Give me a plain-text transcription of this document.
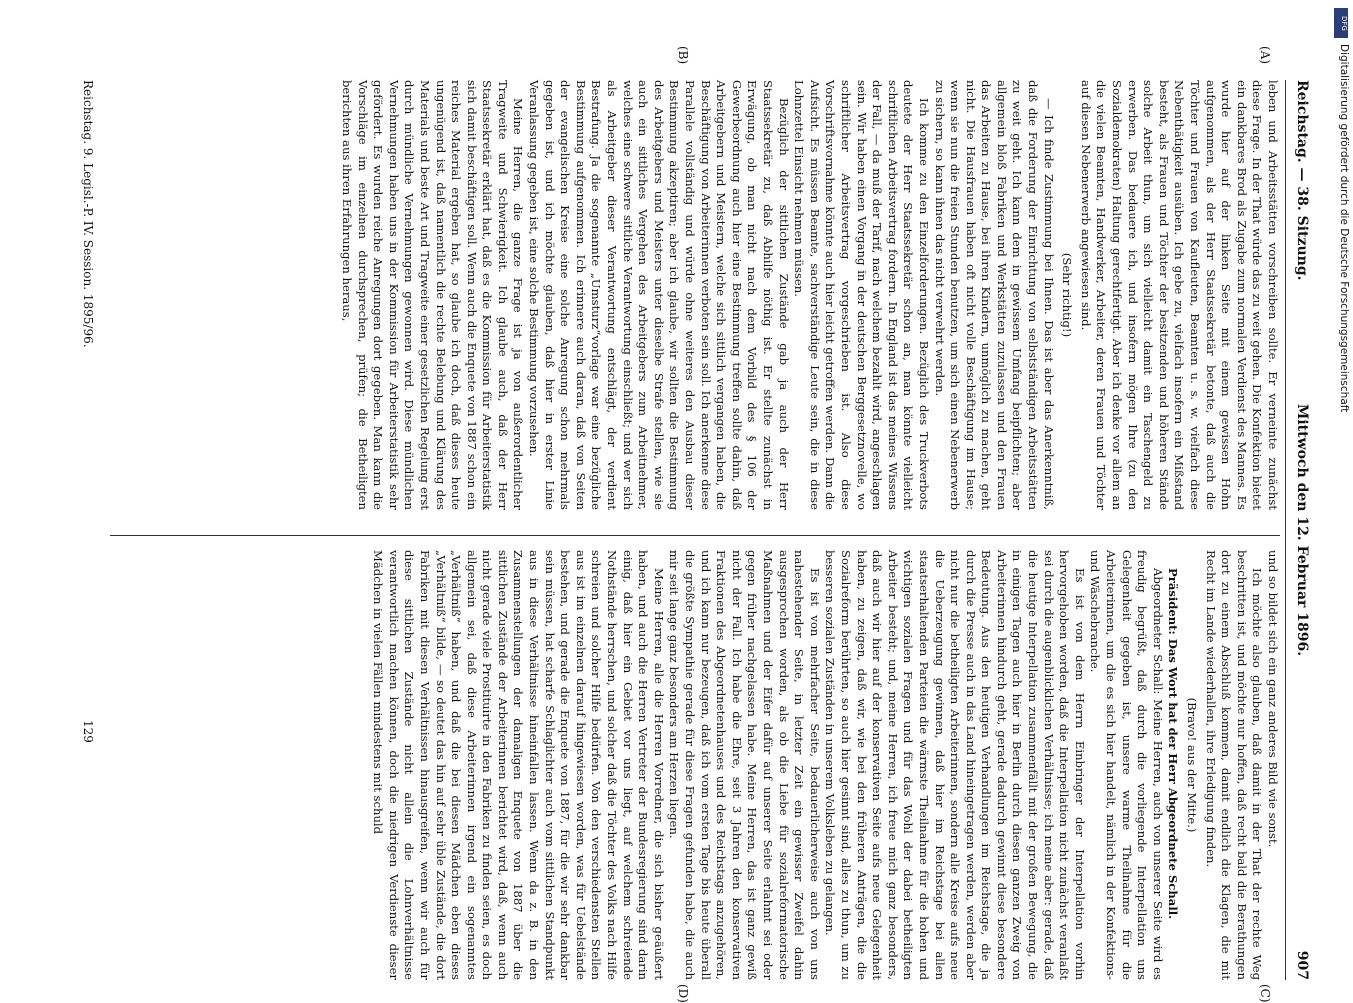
Reichstag. — 38. Sitzung.
Mittwoch den 12. Februar 1896.
907
(A)
(B)
(C)
(D)

leben und Arbeitsstätten vorschreiben sollte. Er verneinte zunächst diese Frage. In der That würde das zu weit gehen. Die Konfektion bietet ein dankbares Brod als Zugabe zum normalen Verdienst des Mannes. Es wurde hier auf der linken Seite mit einem gewissen Hohn aufgenommen, als der Herr Staatssekretär betonte, daß auch die Töchter und Frauen von Kaufleuten, Beamten u. s. w. vielfach diese Nebenthätigkeit ausüben. Ich gebe zu, vielfach insofern ein Mißstand besteht, als Frauen und Töchter der besitzenden und höheren Stände solche Arbeit thun, um sich vielleicht damit ein Taschengeld zu erwerben. Das bedauere ich, und insofern mögen Ihre (zu den Sozialdemokraten) Haltung gerechtfertigt. Aber ich denke vor allem an die vielen Beamten, Handwerker, Arbeiter, deren Frauen und Töchter auf diesen Nebenerwerb angewiesen sind.

(Sehr richtig!)

— Ich finde Zustimmung bei Ihnen. Das ist aber das Anerkenntniß, daß die Forderung der Einrichtung von selbstständigen Arbeitsstätten zu weit geht. Ich kann dem in gewissem Umfang beipflichten; aber allgemein bloß Fabriken und Werkstätten zuzulassen und den Frauen das Arbeiten zu Hause, bei ihren Kindern, unmöglich zu machen, geht nicht. Die Hausfrauen haben oft nicht volle Beschäftigung im Hause; wenn sie nun die freien Stunden benutzen, um sich einen Nebenerwerb zu sichern, so kann ihnen das nicht verwehrt werden.

Ich komme zu den Einzelforderungen. Bezüglich des Truckverbots deutete der Herr Staatssekretär schon an, man könnte vielleicht schriftlichen Arbeitsvertrag fordern. In England ist das meines Wissens der Fall, — da muß der Tarif, nach welchem bezahlt wird, angeschlagen sein. Wir haben einen Vorgang in der deutschen Berggesetznovelle, wo schriftlicher Arbeitsvertrag vorgeschrieben ist. Also diese Vorschriftsvornahme könnte auch hier leicht getroffen werden. Dann die Aufsicht. Es müssen Beamte, sachverständige Leute sein, die in diese Lohnzettel Einsicht nehmen müssen.

Bezüglich der sittlichen Zustände gab ja auch der Herr Staatssekretär zu, daß Abhilfe nöthig ist. Er stellte zunächst in Erwägung, ob man nicht nach dem Vorbild des § 106 der Gewerbeordnung auch hier eine Bestimmung treffen sollte dahin, daß Arbeitgebern und Meistern, welche sich sittlich vergangen haben, die Beschäftigung von Arbeiterinnen verboten sein soll. Ich anerkenne diese Parallele vollständig und würde ohne weiteres den Ausbau dieser Bestimmung akzeptiren; aber ich glaube, wir sollten die Bestimmung des Arbeitgebers und Meisters unter dieselbe Strafe stellen, wie sie auch ein sittliches Vergehen des Arbeitgebers zum Arbeitnehmer, welches eine schwere sittliche Verantwortung einschließt; und wer sich als Arbeitgeber dieser Verantwortung entschlägt, der verdient Bestrafung. Ja die sogenannte „Umsturz“vorlage war eine bezügliche Bestimmung aufgenommen. Ich erinnere auch daran, daß von Seiten der evangelischen Kreise eine solche Anregung schon mehrmals gegeben ist, und ich möchte glauben, daß hier in erster Linie Veranlassung gegeben ist, eine solche Bestimmung vorzusehen.

Meine Herren, die ganze Frage ist ja von außerordentlicher Tragweite und Schwierigkeit. Ich glaube auch, daß der Herr Staatssekretär erklärt hat, daß es die Kommission für Arbeiterstatistik sich damit beschäftigen soll. Wenn auch die Enquete von 1887 schon ein reiches Material ergeben hat, so glaube ich doch, daß dieses heute ungenügend ist, daß namentlich die rechte Belebung und Klärung des Materials und beste Art und Tragweite einer gesetzlichen Regelung erst durch mündliche Vernehmungen gewonnen wird. Diese mündlichen Vernehmungen haben uns in der Kommission für Arbeiterstatistik sehr gefördert. Es wurden reiche Anregungen dort gegeben. Man kann die Vorschläge im einzelnen durchsprechen, prüfen; die Betheiligten berichten aus ihren Erfahrungen heraus,

und so bildet sich ein ganz anderes Bild wie sonst.

Ich möchte also glauben, daß damit in der That der rechte Weg beschritten ist, und möchte nur hoffen, daß recht bald die Berathungen dort zu einem Abschluß kommen, damit endlich die Klagen, die mit Recht im Lande wiederhallen, ihre Erledigung finden.

(Bravo! aus der Mitte.)

Präsident: Das Wort hat der Herr Abgeordnete Schall.

Abgeordneter Schall: Meine Herren, auch von unserer Seite wird es freudig begrüßt, daß durch die vorliegende Interpellation uns Gelegenheit gegeben ist, unsere warme Theilnahme für die Arbeiterinnen, um die es sich hier handelt, nämlich in der Konfektions- und Wäschebranche.

Es ist von dem Herrn Einbringer der Interpellation vorhin hervorgehoben worden, daß die Interpellation nicht zunächst veranlaßt sei durch die augenblicklichen Verhältnisse; ich meine aber: gerade, daß die heutige Interpellation zusammenfällt mit der großen Bewegung, die in einigen Tagen auch hier in Berlin durch diesen ganzen Zweig von Arbeiterinnen hindurch geht, gerade dadurch gewinnt diese besondere Bedeutung. Aus den heutigen Verhandlungen im Reichstage, die ja durch die Presse auch in das Land hineingetragen werden, werden aber nicht nur die betheiligten Arbeiterinnen, sondern alle Kreise aufs neue die Ueberzeugung gewinnen, daß hier im Reichstage bei allen staatserhaltenden Parteien die wärmste Theilnahme für die hohen und wichtigen sozialen Fragen und für das Wohl der dabei betheiligten Arbeiter besteht; und, meine Herren, ich freue mich ganz besonders, daß auch wir hier auf der konservativen Seite aufs neue Gelegenheit haben, zu zeigen, daß wir, wie bei den früheren Anträgen, die die Sozialreform berührten, so auch hier gesinnt sind, alles zu thun, um zu besseren sozialen Zuständen in unserem Volksleben zu gelangen.

Es ist von mehrfacher Seite, bedauerlicherweise auch von uns nahestehender Seite, in letzter Zeit ein gewisser Zweifel dahin ausgesprochen worden, als ob die Liebe für sozialreformatorische Maßnahmen und der Eifer dafür auf unserer Seite erlahmt sei oder gegen früher nachgelassen habe. Meine Herren, das ist ganz gewiß nicht der Fall. Ich habe die Ehre, seit 3 Jahren den konservativen Fraktionen des Abgeordnetenhauses und des Reichstags anzugehören, und ich kann nur bezeugen, daß ich vom ersten Tage bis heute überall die größte Sympathie gerade für diese Fragen gefunden habe, die auch mir seit lange ganz besonders am Herzen liegen.

Meine Herren, alle die Herren Vorredner, die sich bisher geäußert haben, und auch die Herren Vertreter der Bundesregierung sind darin einig, daß hier ein Gebiet vor uns liegt, auf welchem schreiende Nothstände herrschen, und solcher daß die Töchter des Volks nach Hilfe schreien und solcher Hilfe bedürfen. Von den verschiedensten Stellen aus ist im einzelnen darauf hingewiesen worden, was für Uebelstände bestehen, und gerade die Enquete von 1887, für die wir sehr dankbar sein müssen, hat scharfe Schlaglichter auch vom sittlichen Standpunkt aus in diese Verhältnisse hineinfallen lassen. Wenn da z. B. in den Zusammenstellungen der damaligen Enquete von 1887 über die sittlichen Zustände der Arbeiterinnen berichtet wird, daß, wenn auch nicht gerade viele Prostituirte in den Fabriken zu finden seien, es doch allgemein sei, daß diese Arbeiterinnen irgend ein sogenanntes „Verhältniß“ haben, und daß die bei diesen Mädchen eben dieses „Verhältniß“ bilde, — so deutet das hin auf sehr üble Zustände, die dort Fabriken mit diesen Verhältnissen hinausgreifen, wenn wir auch für diese sittlichen Zustände nicht allein die Lohnverhältnisse verantwortlich machen können, doch die niedrigen Verdienste dieser Mädchen in vielen Fällen mindestens mit schuld

Reichstag. 9. Legisl.-P. IV. Session. 1895/96.
129
DFG
Digitalisierung gefördert durch die Deutsche Forschungsgemeinschaft
